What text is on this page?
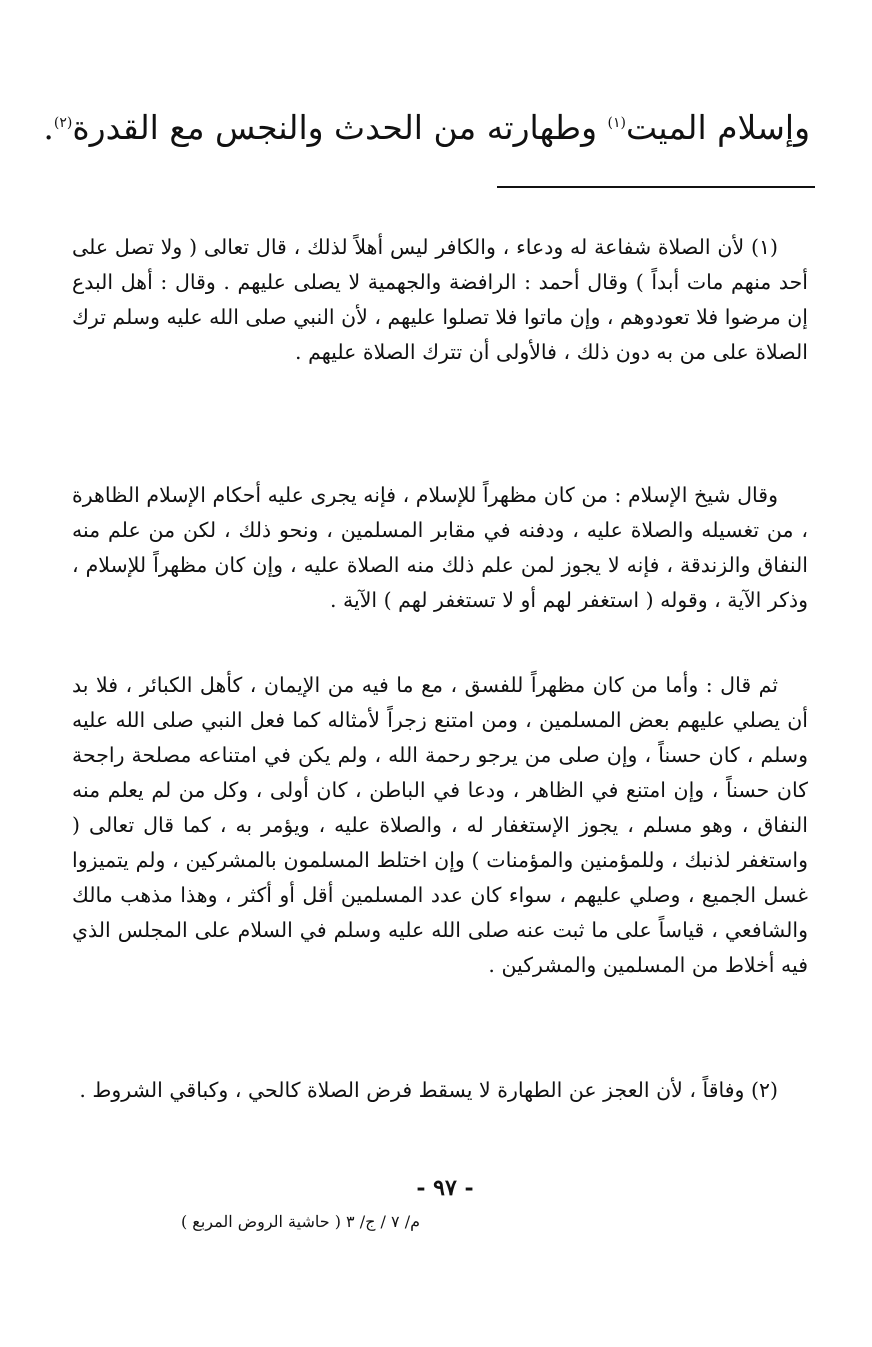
وإسلام الميت$^{(١)}$ وطهارته من الحدث والنجس مع القدرة$^{(٢)}$.

(١) لأن الصلاة شفاعة له ودعاء ، والكافر ليس أهلاً لذلك ، قال تعالى ( ولا تصل على أحد منهم مات أبداً ) وقال أحمد : الرافضة والجهمية لا يصلى عليهم . وقال : أهل البدع إن مرضوا فلا تعودوهم ، وإن ماتوا فلا تصلوا عليهم ، لأن النبي صلى الله عليه وسلم ترك الصلاة على من به دون ذلك ، فالأولى أن تترك الصلاة عليهم .

وقال شيخ الإسلام : من كان مظهراً للإسلام ، فإنه يجرى عليه أحكام الإسلام الظاهرة ، من تغسيله والصلاة عليه ، ودفنه في مقابر المسلمين ، ونحو ذلك ، لكن من علم منه النفاق والزندقة ، فإنه لا يجوز لمن علم ذلك منه الصلاة عليه ، وإن كان مظهراً للإسلام ، وذكر الآية ، وقوله ( استغفر لهم أو لا تستغفر لهم ) الآية .

ثم قال : وأما من كان مظهراً للفسق ، مع ما فيه من الإيمان ، كأهل الكبائر ، فلا بد أن يصلي عليهم بعض المسلمين ، ومن امتنع زجراً لأمثاله كما فعل النبي صلى الله عليه وسلم ، كان حسناً ، وإن صلى من يرجو رحمة الله ، ولم يكن في امتناعه مصلحة راجحة كان حسناً ، وإن امتنع في الظاهر ، ودعا في الباطن ، كان أولى ، وكل من لم يعلم منه النفاق ، وهو مسلم ، يجوز الإستغفار له ، والصلاة عليه ، ويؤمر به ، كما قال تعالى ( واستغفر لذنبك ، وللمؤمنين والمؤمنات ) وإن اختلط المسلمون بالمشركين ، ولم يتميزوا غسل الجميع ، وصلي عليهم ، سواء كان عدد المسلمين أقل أو أكثر ، وهذا مذهب مالك والشافعي ، قياساً على ما ثبت عنه صلى الله عليه وسلم في السلام على المجلس الذي فيه أخلاط من المسلمين والمشركين .

(٢) وفاقاً ، لأن العجز عن الطهارة لا يسقط فرض الصلاة كالحي ، وكباقي الشروط .

- ٩٧ -
م/ ٧ / ج/ ٣ ( حاشية الروض المربع )
